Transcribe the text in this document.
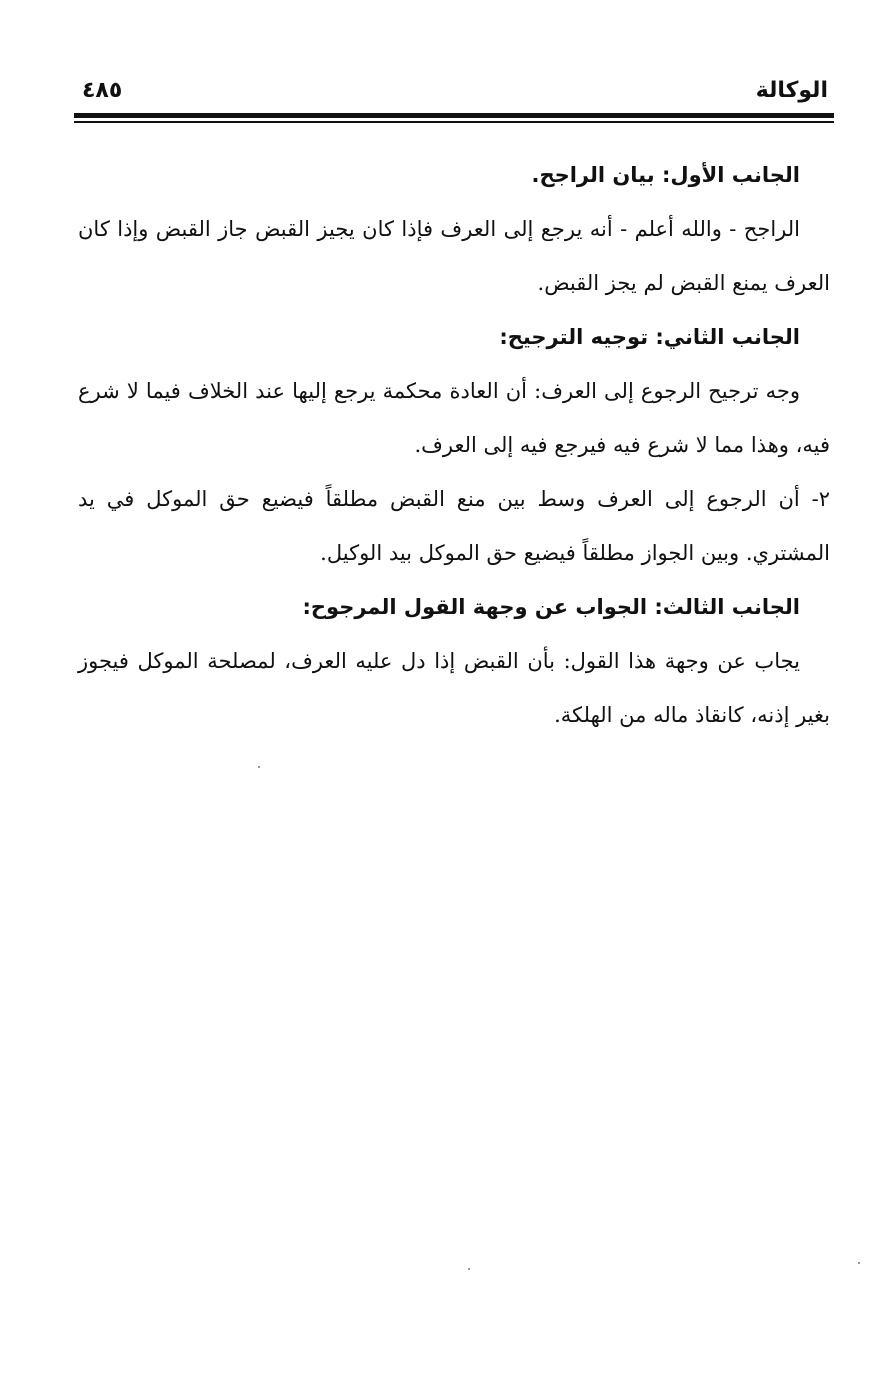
الوكالة
٤٨٥

الجانب الأول: بيان الراجح.

الراجح - والله أعلم - أنه يرجع إلى العرف فإذا كان يجيز القبض جاز القبض وإذا كان العرف يمنع القبض لم يجز القبض.

الجانب الثاني: توجيه الترجيح:

وجه ترجيح الرجوع إلى العرف: أن العادة محكمة يرجع إليها عند الخلاف فيما لا شرع فيه، وهذا مما لا شرع فيه فيرجع فيه إلى العرف.

٢- أن الرجوع إلى العرف وسط بين منع القبض مطلقاً فيضيع حق الموكل في يد المشتري. وبين الجواز مطلقاً فيضيع حق الموكل بيد الوكيل.

الجانب الثالث: الجواب عن وجهة القول المرجوح:

يجاب عن وجهة هذا القول: بأن القبض إذا دل عليه العرف، لمصلحة الموكل فيجوز بغير إذنه، كانقاذ ماله من الهلكة.
